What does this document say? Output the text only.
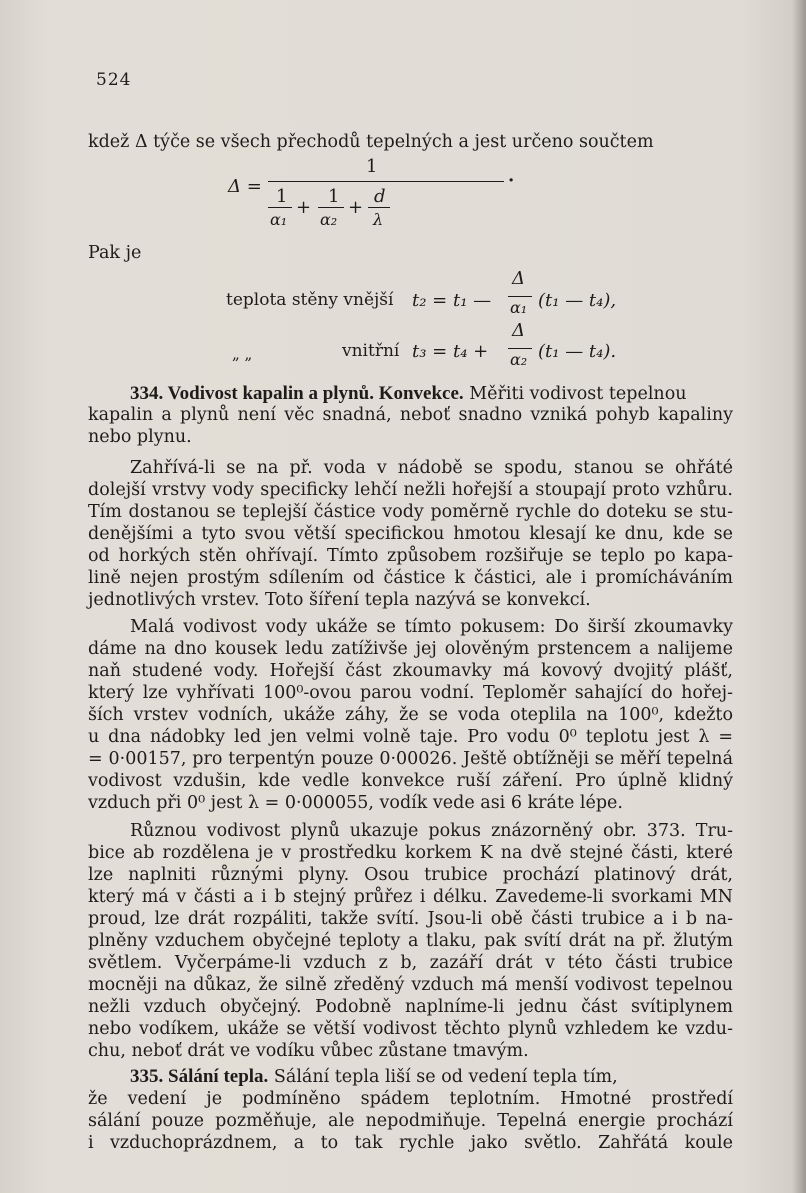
524
kdež Δ týče se všech přechodů tepelných a jest určeno součtem
Δ =
1
1
α₁
+
1
α₂
+
d
λ
·
Pak je
teplota stěny vnější t₂ = t₁ —
Δ
α₁ (t₁ — t₄),
„ „	vnitřní t₃ = t₄ +
Δ
α₂ (t₁ — t₄).
334. Vodivost kapalin a plynů. Konvekce. Měřiti vodivost tepelnou
kapalin a plynů není věc snadná, neboť snadno vzniká pohyb kapaliny
nebo plynu.
Zahřívá-li se na př. voda v nádobě se spodu, stanou se ohřáté
dolejší vrstvy vody specificky lehčí nežli hořejší a stoupají proto vzhůru.
Tím dostanou se teplejší částice vody poměrně rychle do doteku se stu-
denějšími a tyto svou větší specifickou hmotou klesají ke dnu, kde se
od horkých stěn ohřívají. Tímto způsobem rozšiřuje se teplo po kapa-
lině nejen prostým sdílením od částice k částici, ale i promícháváním
jednotlivých vrstev. Toto šíření tepla nazývá se konvekcí.
Malá vodivost vody ukáže se tímto pokusem: Do širší zkoumavky
dáme na dno kousek ledu zatíživše jej olověným prstencem a nalijeme
naň studené vody. Hořejší část zkoumavky má kovový dvojitý plášť,
který lze vyhřívati 100⁰-ovou parou vodní. Teploměr sahající do hořej-
ších vrstev vodních, ukáže záhy, že se voda oteplila na 100⁰, kdežto
u dna nádobky led jen velmi volně taje. Pro vodu 0⁰ teplotu jest λ =
= 0·00157, pro terpentýn pouze 0·00026. Ještě obtížněji se měří tepelná
vodivost vzdušin, kde vedle konvekce ruší záření. Pro úplně klidný
vzduch při 0⁰ jest λ = 0·000055, vodík vede asi 6 kráte lépe.
Různou vodivost plynů ukazuje pokus znázorněný obr. 373. Tru-
bice ab rozdělena je v prostředku korkem K na dvě stejné části, které
lze naplniti různými plyny. Osou trubice prochází platinový drát,
který má v části a i b stejný průřez i délku. Zavedeme-li svorkami MN
proud, lze drát rozpáliti, takže svítí. Jsou-li obě části trubice a i b na-
plněny vzduchem obyčejné teploty a tlaku, pak svítí drát na př. žlutým
světlem. Vyčerpáme-li vzduch z b, zazáří drát v této části trubice
mocněji na důkaz, že silně zředěný vzduch má menší vodivost tepelnou
nežli vzduch obyčejný. Podobně naplníme-li jednu část svítiplynem
nebo vodíkem, ukáže se větší vodivost těchto plynů vzhledem ke vzdu-
chu, neboť drát ve vodíku vůbec zůstane tmavým.
335. Sálání tepla. Sálání tepla liší se od vedení tepla tím,
že vedení je podmíněno spádem teplotním. Hmotné prostředí
sálání pouze pozměňuje, ale nepodmiňuje. Tepelná energie prochází
i vzduchoprázdnem, a to tak rychle jako světlo. Zahřátá koule
